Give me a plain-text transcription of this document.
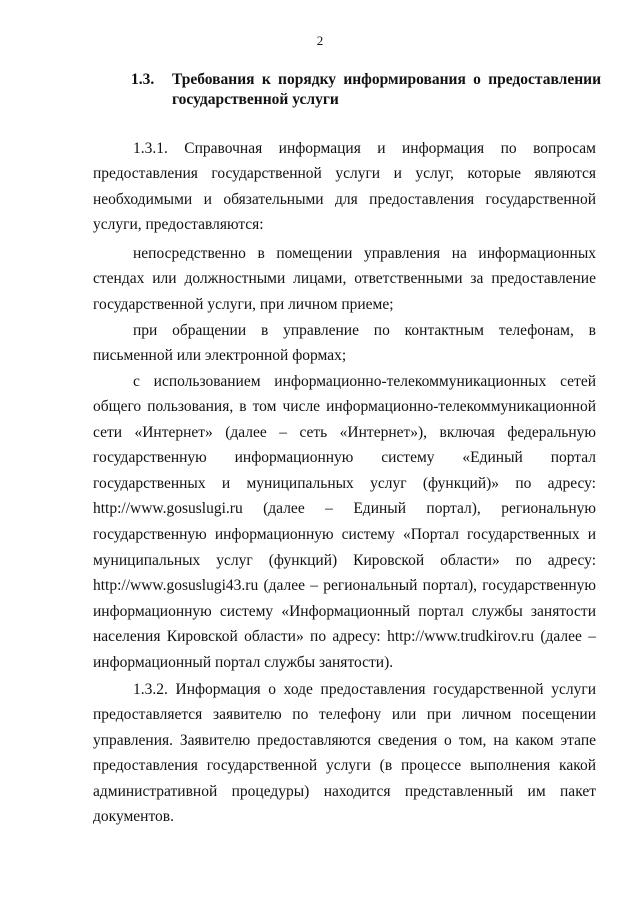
2
1.3. Требования к порядку информирования о предоставлении государственной услуги

1.3.1. Справочная информация и информация по вопросам предоставления государственной услуги и услуг, которые являются необходимыми и обязательными для предоставления государственной услуги, предоставляются:

непосредственно в помещении управления на информационных стендах или должностными лицами, ответственными за предоставление государственной услуги, при личном приеме;

при обращении в управление по контактным телефонам, в письменной или электронной формах;

с использованием информационно-телекоммуникационных сетей общего пользования, в том числе информационно-телекоммуникационной сети «Интернет» (далее – сеть «Интернет»), включая федеральную государственную информационную систему «Единый портал государственных и муниципальных услуг (функций)» по адресу: http://www.gosuslugi.ru (далее – Единый портал), региональную государственную информационную систему «Портал государственных и муниципальных услуг (функций) Кировской области» по адресу: http://www.gosuslugi43.ru (далее – региональный портал), государственную информационную систему «Информационный портал службы занятости населения Кировской области» по адресу: http://www.trudkirov.ru (далее – информационный портал службы занятости).

1.3.2. Информация о ходе предоставления государственной услуги предоставляется заявителю по телефону или при личном посещении управления. Заявителю предоставляются сведения о том, на каком этапе предоставления государственной услуги (в процессе выполнения какой административной процедуры) находится представленный им пакет документов.
